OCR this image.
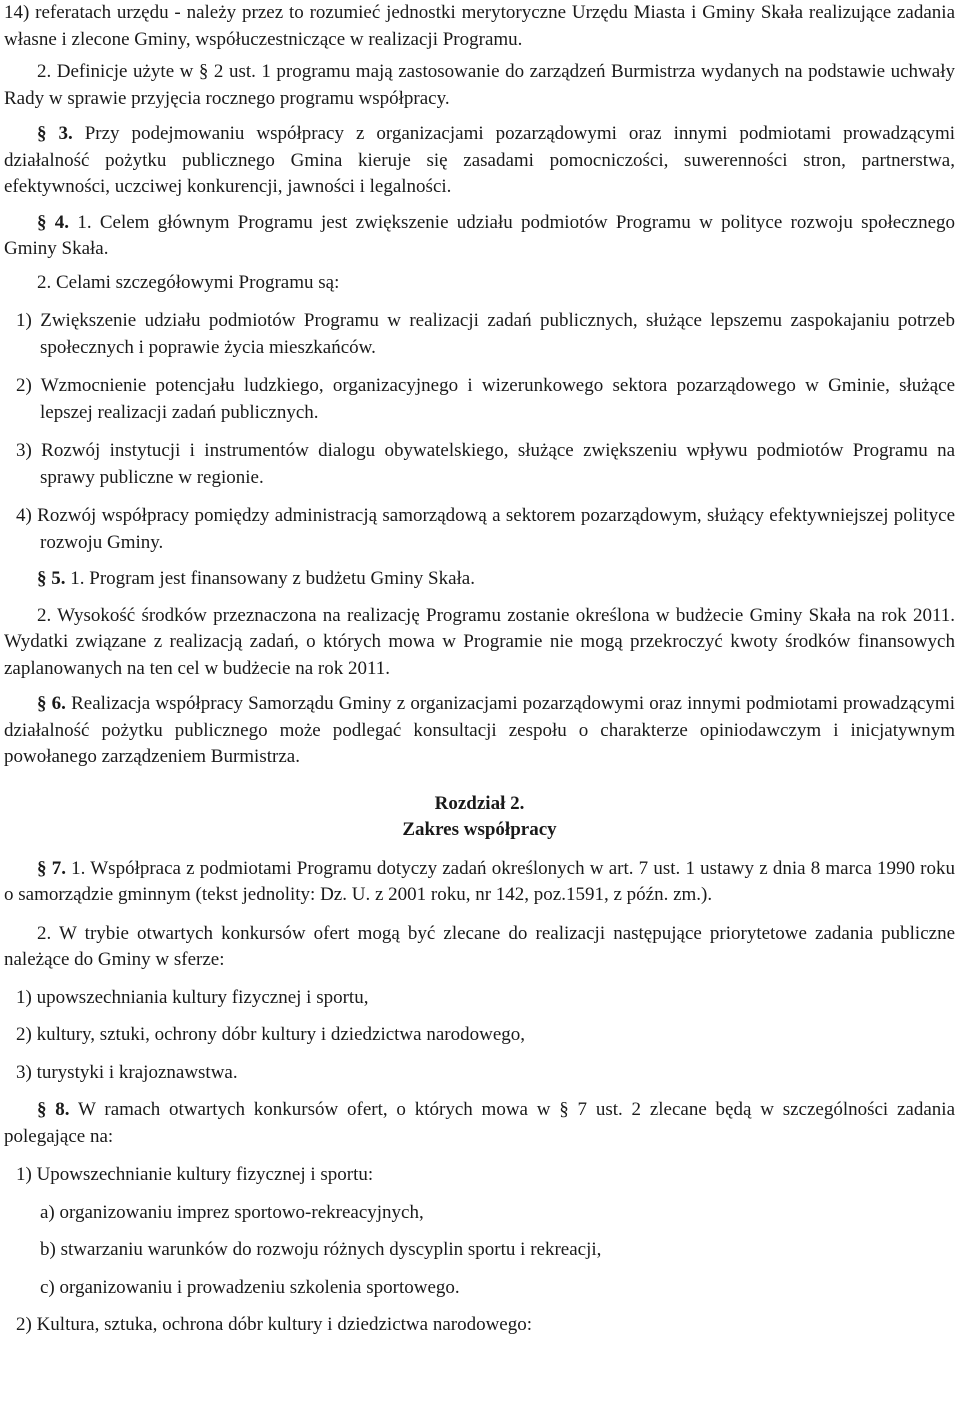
14) referatach urzędu - należy przez to rozumieć jednostki merytoryczne Urzędu Miasta i Gminy Skała realizujące zadania własne i zlecone Gminy, współuczestniczące w realizacji Programu.

2. Definicje użyte w § 2 ust. 1 programu mają zastosowanie do zarządzeń Burmistrza wydanych na podstawie uchwały Rady w sprawie przyjęcia rocznego programu współpracy.

§ 3. Przy podejmowaniu współpracy z organizacjami pozarządowymi oraz innymi podmiotami prowadzącymi działalność pożytku publicznego Gmina kieruje się zasadami pomocniczości, suwerenności stron, partnerstwa, efektywności, uczciwej konkurencji, jawności i legalności.

§ 4. 1. Celem głównym Programu jest zwiększenie udziału podmiotów Programu w polityce rozwoju społecznego Gminy Skała.

2. Celami szczegółowymi Programu są:

1) Zwiększenie udziału podmiotów Programu w realizacji zadań publicznych, służące lepszemu zaspokajaniu potrzeb społecznych i poprawie życia mieszkańców.

2) Wzmocnienie potencjału ludzkiego, organizacyjnego i wizerunkowego sektora pozarządowego w Gminie, służące lepszej realizacji zadań publicznych.

3) Rozwój instytucji i instrumentów dialogu obywatelskiego, służące zwiększeniu wpływu podmiotów Programu na sprawy publiczne w regionie.

4) Rozwój współpracy pomiędzy administracją samorządową a sektorem pozarządowym, służący efektywniejszej polityce rozwoju Gminy.

§ 5. 1. Program jest finansowany z budżetu Gminy Skała.

2. Wysokość środków przeznaczona na realizację Programu zostanie określona w budżecie Gminy Skała na rok 2011. Wydatki związane z realizacją zadań, o których mowa w Programie nie mogą przekroczyć kwoty środków finansowych zaplanowanych na ten cel w budżecie na rok 2011.

§ 6. Realizacja współpracy Samorządu Gminy z organizacjami pozarządowymi oraz innymi podmiotami prowadzącymi działalność pożytku publicznego może podlegać konsultacji zespołu o charakterze opiniodawczym i inicjatywnym powołanego zarządzeniem Burmistrza.

Rozdział 2.

Zakres współpracy

§ 7. 1. Współpraca z podmiotami Programu dotyczy zadań określonych w art. 7 ust. 1 ustawy z dnia 8 marca 1990 roku o samorządzie gminnym (tekst jednolity: Dz. U. z 2001 roku, nr 142, poz.1591, z późn. zm.).

2. W trybie otwartych konkursów ofert mogą być zlecane do realizacji następujące priorytetowe zadania publiczne należące do Gminy w sferze:

1) upowszechniania kultury fizycznej i sportu,

2) kultury, sztuki, ochrony dóbr kultury i dziedzictwa narodowego,

3) turystyki i krajoznawstwa.

§ 8. W ramach otwartych konkursów ofert, o których mowa w § 7 ust. 2 zlecane będą w szczególności zadania polegające na:

1) Upowszechnianie kultury fizycznej i sportu:

a) organizowaniu imprez sportowo-rekreacyjnych,

b) stwarzaniu warunków do rozwoju różnych dyscyplin sportu i rekreacji,

c) organizowaniu i prowadzeniu szkolenia sportowego.

2) Kultura, sztuka, ochrona dóbr kultury i dziedzictwa narodowego:
